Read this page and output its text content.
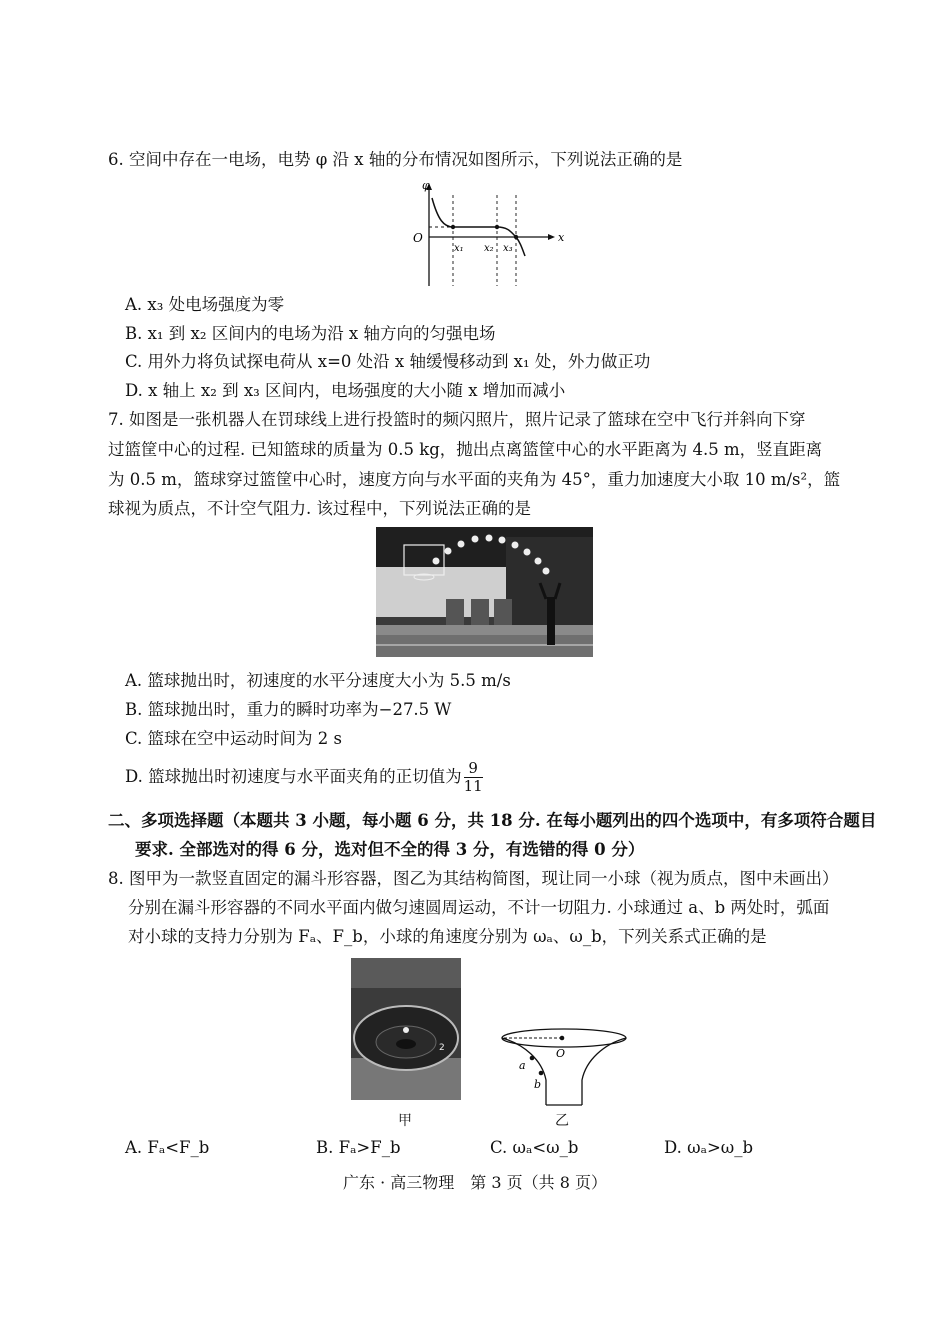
6. 空间中存在一电场，电势 φ 沿 x 轴的分布情况如图所示，下列说法正确的是
φ
O	x
x₁ x₂ x₃
A. x₃ 处电场强度为零
B. x₁ 到 x₂ 区间内的电场为沿 x 轴方向的匀强电场
C. 用外力将负试探电荷从 x=0 处沿 x 轴缓慢移动到 x₁ 处，外力做正功
D. x 轴上 x₂ 到 x₃ 区间内，电场强度的大小随 x 增加而减小
7. 如图是一张机器人在罚球线上进行投篮时的频闪照片，照片记录了篮球在空中飞行并斜向下穿
过篮筐中心的过程. 已知篮球的质量为 0.5 kg，抛出点离篮筐中心的水平距离为 4.5 m，竖直距离
为 0.5 m，篮球穿过篮筐中心时，速度方向与水平面的夹角为 45°，重力加速度大小取 10 m/s²，篮
球视为质点，不计空气阻力. 该过程中，下列说法正确的是
A. 篮球抛出时，初速度的水平分速度大小为 5.5 m/s
B. 篮球抛出时，重力的瞬时功率为−27.5 W
C. 篮球在空中运动时间为 2 s
D. 篮球抛出时初速度与水平面夹角的正切值为 $\frac{9}{11}$
二、多项选择题（本题共 3 小题，每小题 6 分，共 18 分. 在每小题列出的四个选项中，有多项符合题目
要求. 全部选对的得 6 分，选对但不全的得 3 分，有选错的得 0 分）
8. 图甲为一款竖直固定的漏斗形容器，图乙为其结构简图，现让同一小球（视为质点，图中未画出）
分别在漏斗形容器的不同水平面内做匀速圆周运动，不计一切阻力. 小球通过 a、b 两处时，弧面
对小球的支持力分别为 Fₐ、F_b，小球的角速度分别为 ωₐ、ω_b，下列关系式正确的是
2
甲
O
a
b
乙
A. Fₐ<F_b	B. Fₐ>F_b	C. ωₐ<ω_b	D. ωₐ>ω_b
广东 · 高三物理　第 3 页（共 8 页）
